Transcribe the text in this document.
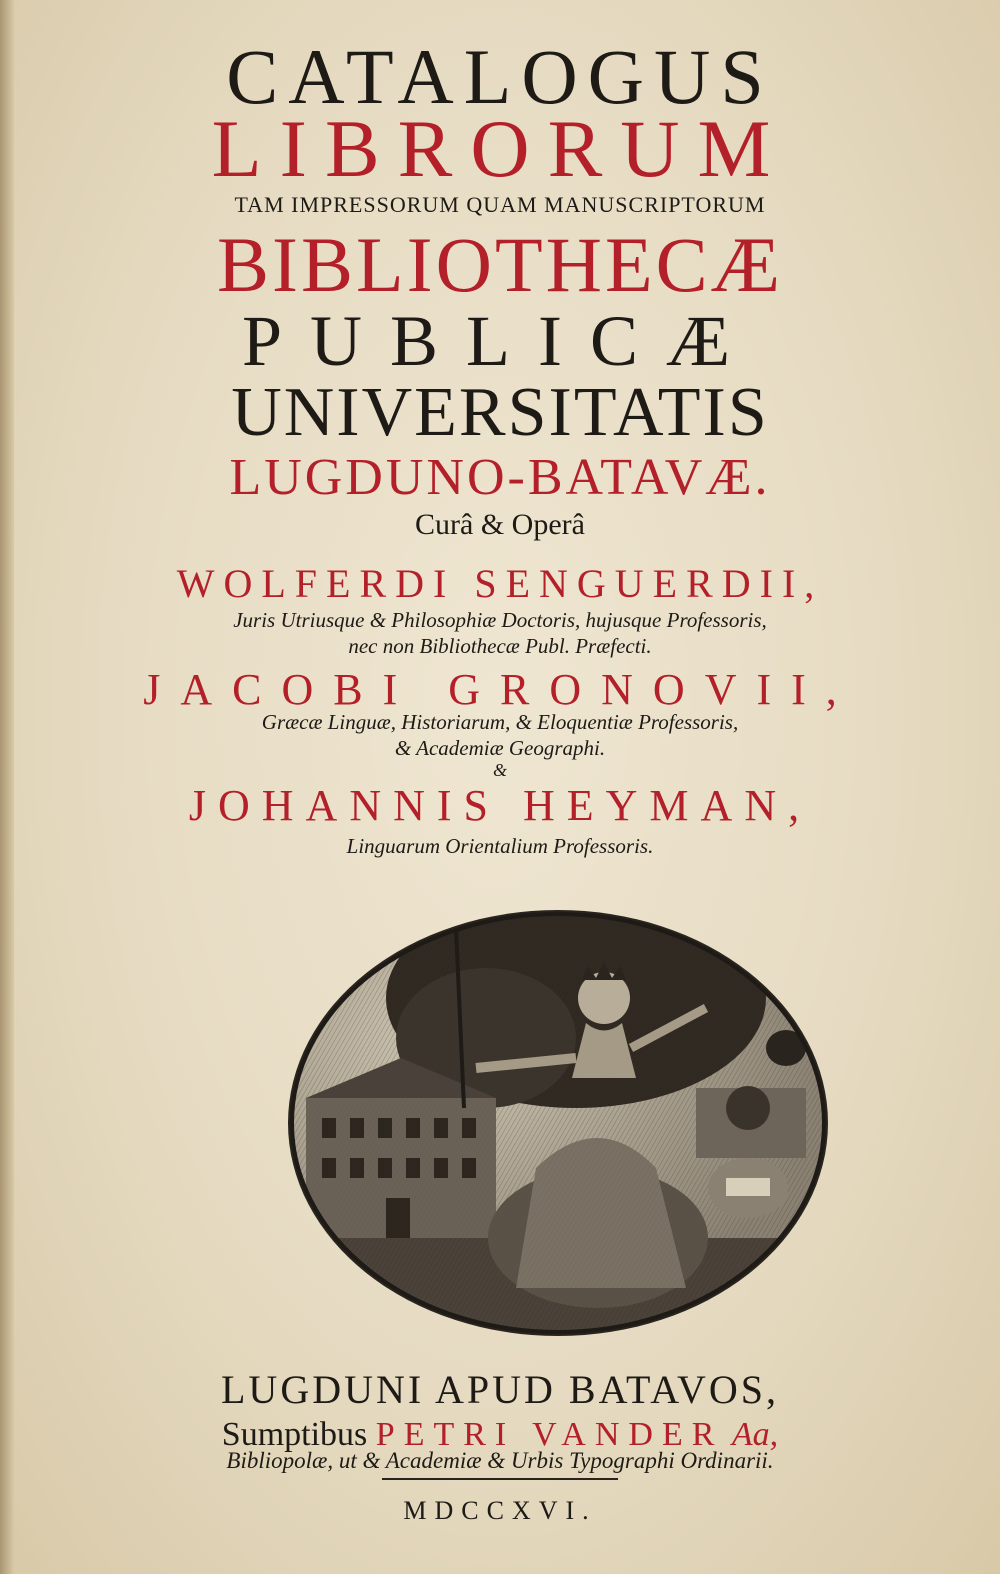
CATALOGUS
LIBRORUM
TAM IMPRESSORUM QUAM MANUSCRIPTORUM
BIBLIOTHECÆ
PUBLICÆ
UNIVERSITATIS
LUGDUNO-BATAVÆ.
Curâ & Operâ
WOLFERDI SENGUERDII,
Juris Utriusque & Philosophiæ Doctoris, hujusque Professoris,
nec non Bibliothecæ Publ. Præfecti.
JACOBI GRONOVII,
Græcæ Linguæ, Historiarum, & Eloquentiæ Professoris,
& Academiæ Geographi.
&
JOHANNIS HEYMAN,
Linguarum Orientalium Professoris.
LUGDUNI APUD BATAVOS,
Sumptibus PETRI VANDER Aa,
Bibliopolæ, ut & Academiæ & Urbis Typographi Ordinarii.
MDCCXVI.
